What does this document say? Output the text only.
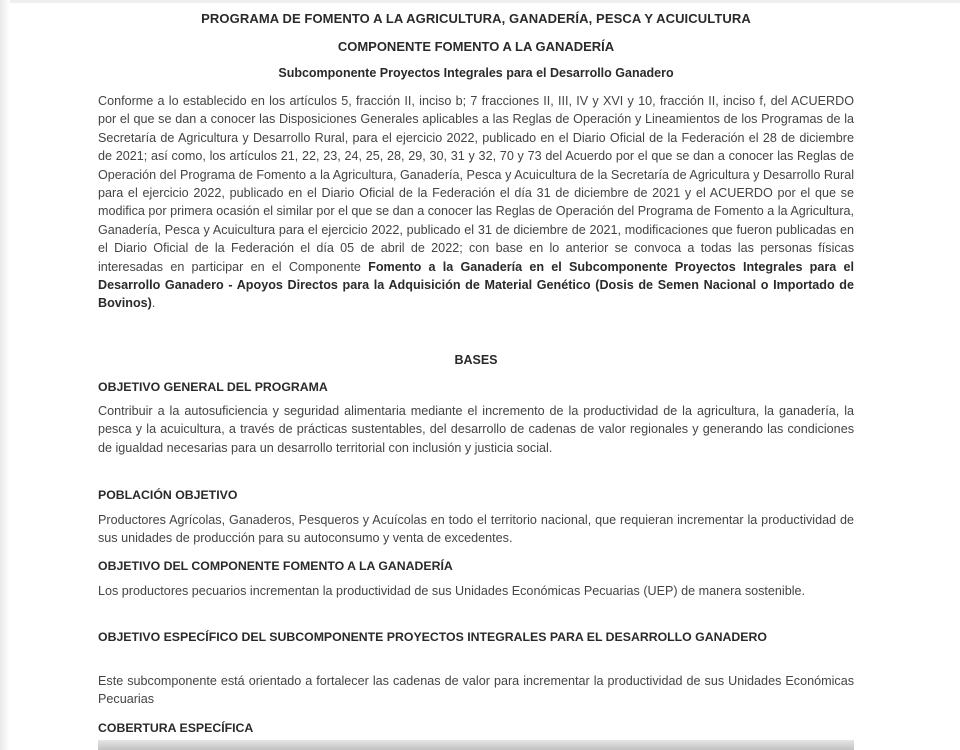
PROGRAMA DE FOMENTO A LA AGRICULTURA, GANADERÍA, PESCA Y ACUICULTURA
COMPONENTE FOMENTO A LA GANADERÍA
Subcomponente Proyectos Integrales para el Desarrollo Ganadero
Conforme a lo establecido en los artículos 5, fracción II, inciso b; 7 fracciones II, III, IV y XVI y 10, fracción II, inciso f, del ACUERDO por el que se dan a conocer las Disposiciones Generales aplicables a las Reglas de Operación y Lineamientos de los Programas de la Secretaría de Agricultura y Desarrollo Rural, para el ejercicio 2022, publicado en el Diario Oficial de la Federación el 28 de diciembre de 2021; así como, los artículos 21, 22, 23, 24, 25, 28, 29, 30, 31 y 32, 70 y 73 del Acuerdo por el que se dan a conocer las Reglas de Operación del Programa de Fomento a la Agricultura, Ganadería, Pesca y Acuicultura de la Secretaría de Agricultura y Desarrollo Rural para el ejercicio 2022, publicado en el Diario Oficial de la Federación el día 31 de diciembre de 2021 y el ACUERDO por el que se modifica por primera ocasión el similar por el que se dan a conocer las Reglas de Operación del Programa de Fomento a la Agricultura, Ganadería, Pesca y Acuicultura para el ejercicio 2022, publicado el 31 de diciembre de 2021, modificaciones que fueron publicadas en el Diario Oficial de la Federación el día 05 de abril de 2022; con base en lo anterior se convoca a todas las personas físicas interesadas en participar en el Componente Fomento a la Ganadería en el Subcomponente Proyectos Integrales para el Desarrollo Ganadero - Apoyos Directos para la Adquisición de Material Genético (Dosis de Semen Nacional o Importado de Bovinos).
BASES
OBJETIVO GENERAL DEL PROGRAMA
Contribuir a la autosuficiencia y seguridad alimentaria mediante el incremento de la productividad de la agricultura, la ganadería, la pesca y la acuicultura, a través de prácticas sustentables, del desarrollo de cadenas de valor regionales y generando las condiciones de igualdad necesarias para un desarrollo territorial con inclusión y justicia social.
POBLACIÓN OBJETIVO
Productores Agrícolas, Ganaderos, Pesqueros y Acuícolas en todo el territorio nacional, que requieran incrementar la productividad de sus unidades de producción para su autoconsumo y venta de excedentes.
OBJETIVO DEL COMPONENTE FOMENTO A LA GANADERÍA
Los productores pecuarios incrementan la productividad de sus Unidades Económicas Pecuarias (UEP) de manera sostenible.
OBJETIVO ESPECÍFICO DEL SUBCOMPONENTE PROYECTOS INTEGRALES PARA EL DESARROLLO GANADERO
Este subcomponente está orientado a fortalecer las cadenas de valor para incrementar la productividad de sus Unidades Económicas Pecuarias
COBERTURA ESPECÍFICA
